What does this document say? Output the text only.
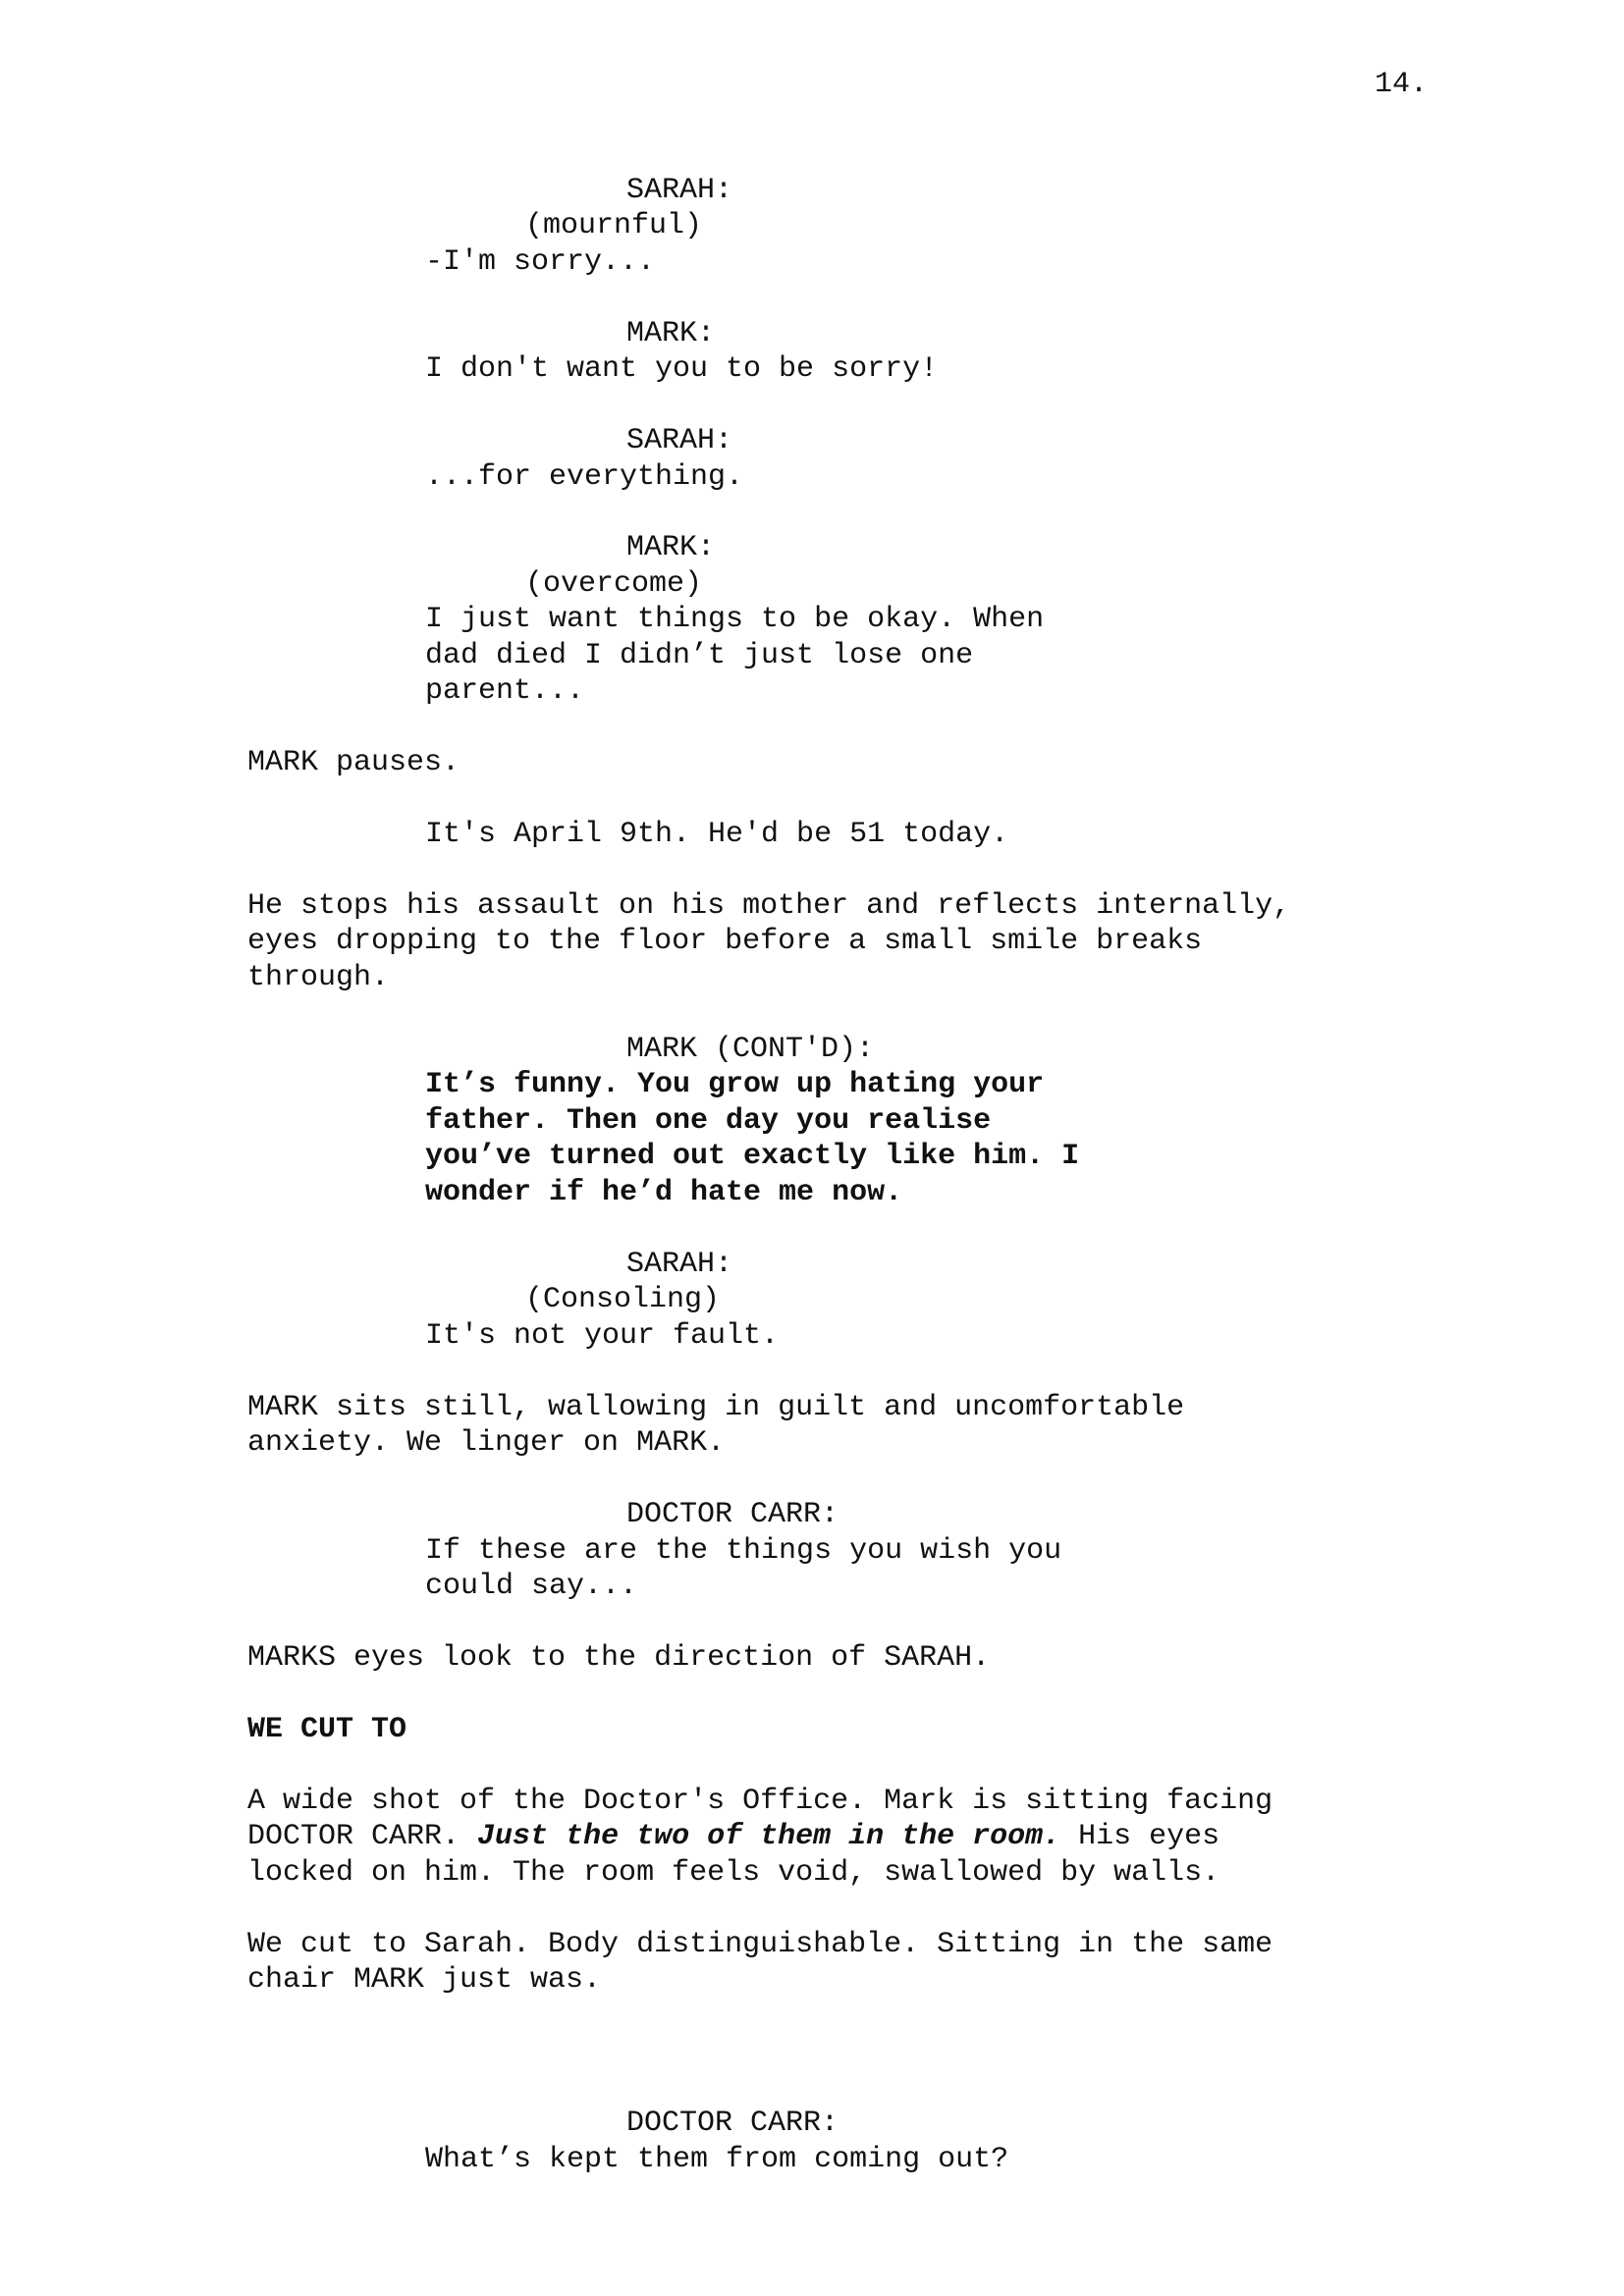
14.
SARAH:
(mournful)
-I'm sorry...
MARK:
I don't want you to be sorry!
SARAH:
...for everything.
MARK:
(overcome)
I just want things to be okay. When
dad died I didn’t just lose one
parent...
MARK pauses.
It's April 9th. He'd be 51 today.
He stops his assault on his mother and reflects internally,
eyes dropping to the floor before a small smile breaks
through.
MARK (CONT'D):
It’s funny. You grow up hating your
father. Then one day you realise
you’ve turned out exactly like him. I
wonder if he’d hate me now.
SARAH:
(Consoling)
It's not your fault.
MARK sits still, wallowing in guilt and uncomfortable
anxiety. We linger on MARK.
DOCTOR CARR:
If these are the things you wish you
could say...
MARKS eyes look to the direction of SARAH.
WE CUT TO
A wide shot of the Doctor's Office. Mark is sitting facing
DOCTOR CARR. Just the two of them in the room. His eyes
locked on him. The room feels void, swallowed by walls.
We cut to Sarah. Body distinguishable. Sitting in the same
chair MARK just was.
DOCTOR CARR:
What’s kept them from coming out?
